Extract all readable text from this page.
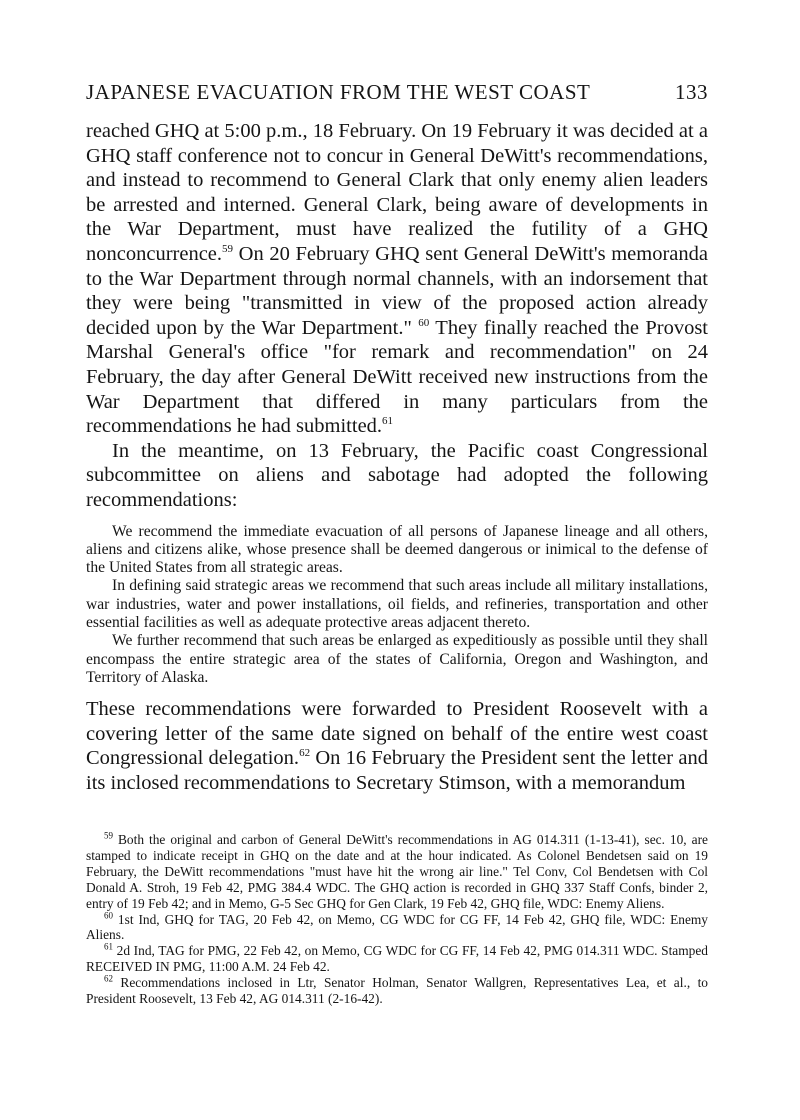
JAPANESE EVACUATION FROM THE WEST COAST	133

reached GHQ at 5:00 p.m., 18 February. On 19 February it was decided at a GHQ staff conference not to concur in General DeWitt's recommendations, and instead to recommend to General Clark that only enemy alien leaders be arrested and interned. General Clark, being aware of developments in the War Department, must have realized the futility of a GHQ nonconcurrence.$^{59}$ On 20 February GHQ sent General DeWitt's memoranda to the War Department through normal channels, with an indorsement that they were being "transmitted in view of the proposed action already decided upon by the War Department." $^{60}$ They finally reached the Provost Marshal General's office "for remark and recommendation" on 24 February, the day after General DeWitt received new instructions from the War Department that differed in many particulars from the recommendations he had submitted.$^{61}$

In the meantime, on 13 February, the Pacific coast Congressional subcommittee on aliens and sabotage had adopted the following recommendations:

We recommend the immediate evacuation of all persons of Japanese lineage and all others, aliens and citizens alike, whose presence shall be deemed dangerous or inimical to the defense of the United States from all strategic areas.

In defining said strategic areas we recommend that such areas include all military installations, war industries, water and power installations, oil fields, and refineries, transportation and other essential facilities as well as adequate protective areas adjacent thereto.

We further recommend that such areas be enlarged as expeditiously as possible until they shall encompass the entire strategic area of the states of California, Oregon and Washington, and Territory of Alaska.

These recommendations were forwarded to President Roosevelt with a covering letter of the same date signed on behalf of the entire west coast Congressional delegation.$^{62}$ On 16 February the President sent the letter and its inclosed recommendations to Secretary Stimson, with a memorandum

$^{59}$ Both the original and carbon of General DeWitt's recommendations in AG 014.311 (1-13-41), sec. 10, are stamped to indicate receipt in GHQ on the date and at the hour indicated. As Colonel Bendetsen said on 19 February, the DeWitt recommendations "must have hit the wrong air line." Tel Conv, Col Bendetsen with Col Donald A. Stroh, 19 Feb 42, PMG 384.4 WDC. The GHQ action is recorded in GHQ 337 Staff Confs, binder 2, entry of 19 Feb 42; and in Memo, G-5 Sec GHQ for Gen Clark, 19 Feb 42, GHQ file, WDC: Enemy Aliens.

$^{60}$ 1st Ind, GHQ for TAG, 20 Feb 42, on Memo, CG WDC for CG FF, 14 Feb 42, GHQ file, WDC: Enemy Aliens.

$^{61}$ 2d Ind, TAG for PMG, 22 Feb 42, on Memo, CG WDC for CG FF, 14 Feb 42, PMG 014.311 WDC. Stamped RECEIVED IN PMG, 11:00 A.M. 24 Feb 42.

$^{62}$ Recommendations inclosed in Ltr, Senator Holman, Senator Wallgren, Representatives Lea, et al., to President Roosevelt, 13 Feb 42, AG 014.311 (2-16-42).
